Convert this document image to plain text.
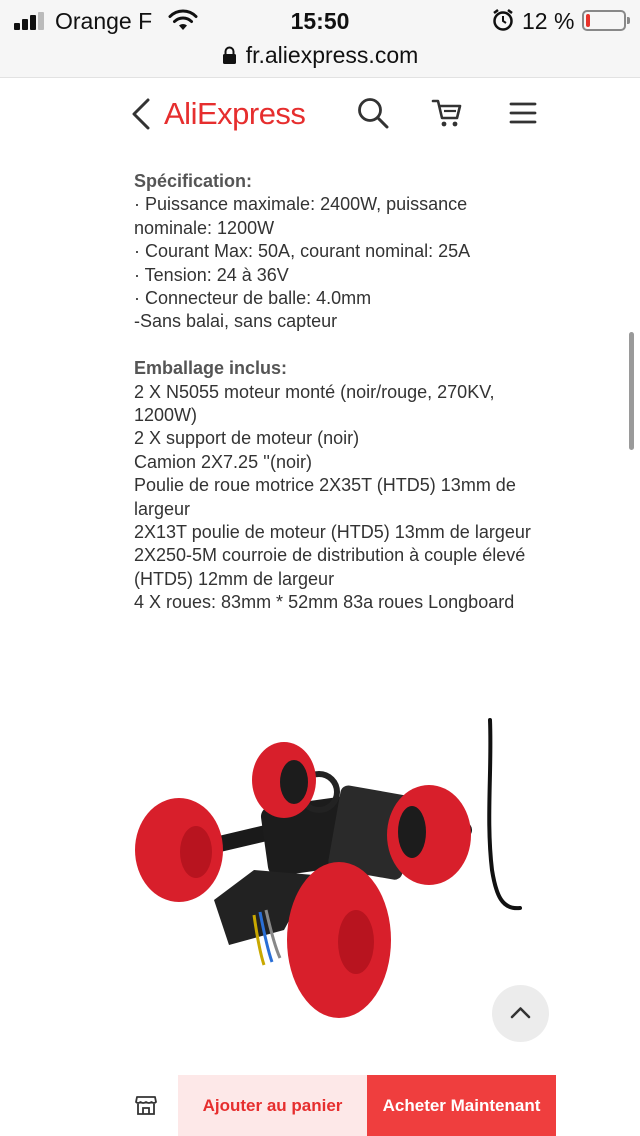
Orange F	15:50	12 %
fr.aliexpress.com
AliExpress
Spécification:
· Puissance maximale: 2400W, puissance nominale: 1200W
· Courant Max: 50A, courant nominal: 25A
· Tension: 24 à 36V
· Connecteur de balle: 4.0mm
-Sans balai, sans capteur
Emballage inclus:
2 X N5055 moteur monté (noir/rouge, 270KV, 1200W)
2 X support de moteur (noir)
Camion 2X7.25 ''(noir)
Poulie de roue motrice 2X35T (HTD5) 13mm de largeur
2X13T poulie de moteur (HTD5) 13mm de largeur
2X250-5M courroie de distribution à couple élevé (HTD5) 12mm de largeur
4 X roues: 83mm * 52mm 83a roues Longboard
Ajouter au panier	Acheter Maintenant
